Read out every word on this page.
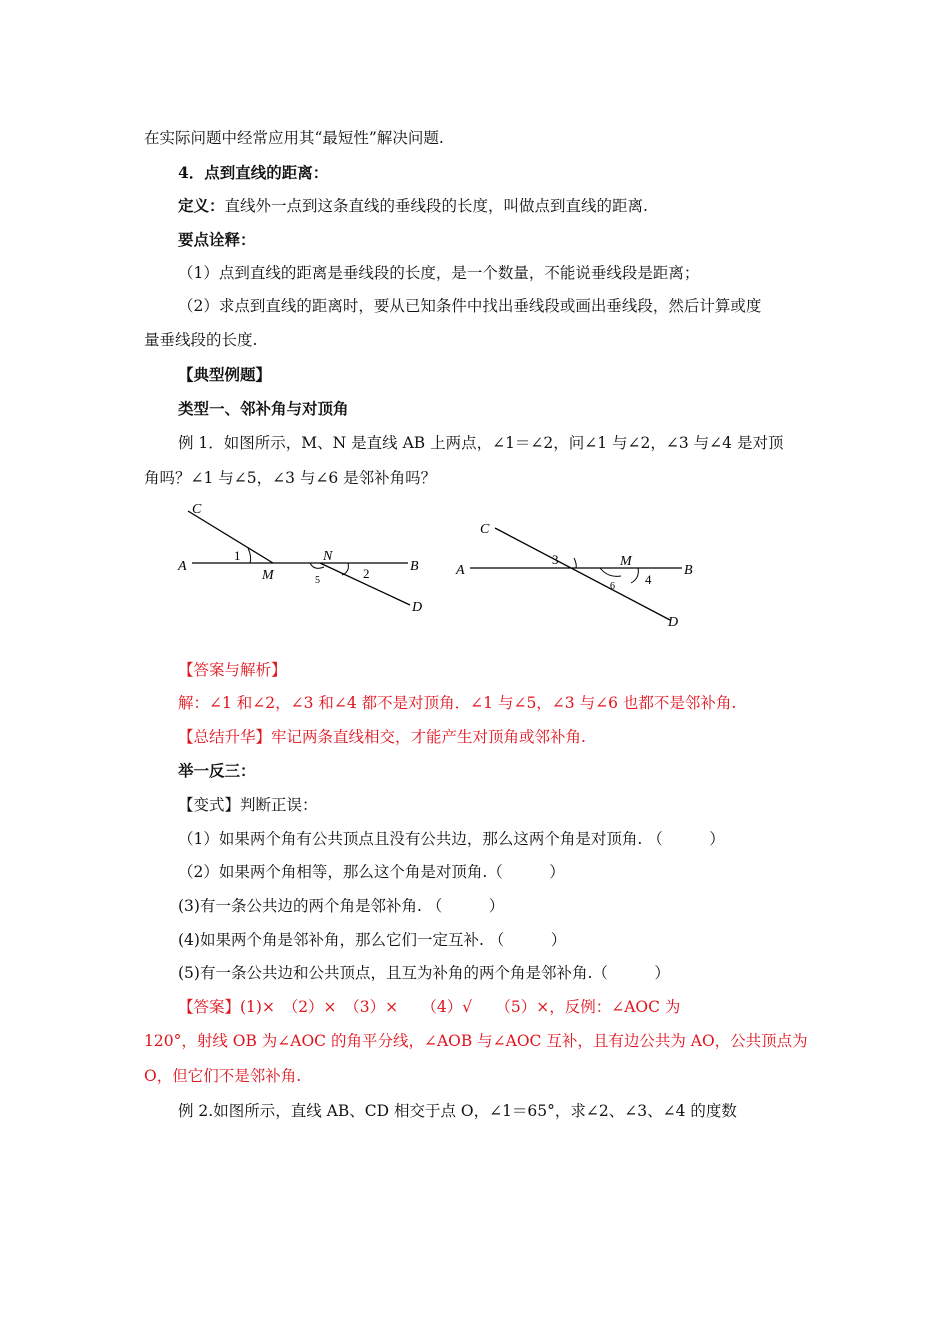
在实际问题中经常应用其“最短性”解决问题.
4．点到直线的距离：
定义：直线外一点到这条直线的垂线段的长度，叫做点到直线的距离.
要点诠释：
（1）点到直线的距离是垂线段的长度，是一个数量，不能说垂线段是距离；
（2）求点到直线的距离时，要从已知条件中找出垂线段或画出垂线段，然后计算或度
量垂线段的长度.
【典型例题】
类型一、邻补角与对顶角
例 1．如图所示，M、N 是直线 AB 上两点，∠1＝∠2，问∠1 与∠2，∠3 与∠4 是对顶
角吗？∠1 与∠5，∠3 与∠6 是邻补角吗？
C
A
M
N
B
D
1
5	2
C
A
M
B
D
3
6 4
【答案与解析】
解：∠1 和∠2，∠3 和∠4 都不是对顶角．∠1 与∠5，∠3 与∠6 也都不是邻补角.
【总结升华】牢记两条直线相交，才能产生对顶角或邻补角.
举一反三：
【变式】判断正误：
（1）如果两个角有公共顶点且没有公共边，那么这两个角是对顶角. （　　　）
（2）如果两个角相等，那么这个角是对顶角.（　　　）
(3)有一条公共边的两个角是邻补角. （　　　）
(4)如果两个角是邻补角，那么它们一定互补. （　　　）
(5)有一条公共边和公共顶点，且互为补角的两个角是邻补角.（　　　）
【答案】(1)×　（2）×　（3）×　　（4）√　　（5）×，反例：∠AOC 为
120°，射线 OB 为∠AOC 的角平分线，∠AOB 与∠AOC 互补，且有边公共为 AO，公共顶点为
O，但它们不是邻补角.
例 2.如图所示，直线 AB、CD 相交于点 O，∠1＝65°，求∠2、∠3、∠4 的度数
